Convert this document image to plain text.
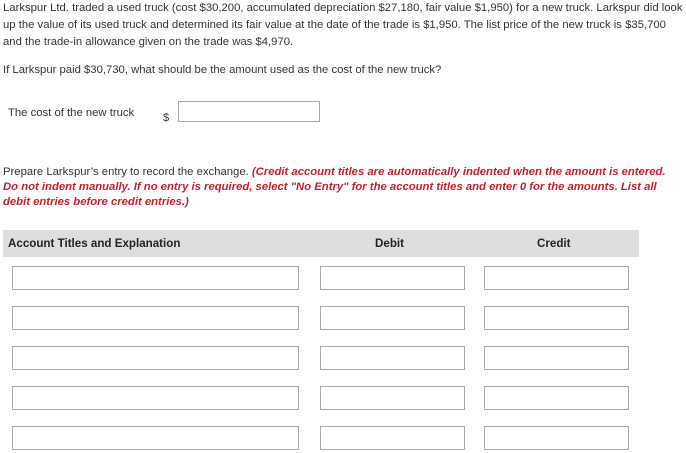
Larkspur Ltd. traded a used truck (cost $30,200, accumulated depreciation $27,180, fair value $1,950) for a new truck. Larkspur did look up the value of its used truck and determined its fair value at the date of the trade is $1,950. The list price of the new truck is $35,700 and the trade-in allowance given on the trade was $4,970.

If Larkspur paid $30,730, what should be the amount used as the cost of the new truck?

The cost of the new truck	$

Prepare Larkspur’s entry to record the exchange. (Credit account titles are automatically indented when the amount is entered. Do not indent manually. If no entry is required, select "No Entry" for the account titles and enter 0 for the amounts. List all debit entries before credit entries.)

Account Titles and Explanation	Debit	Credit
